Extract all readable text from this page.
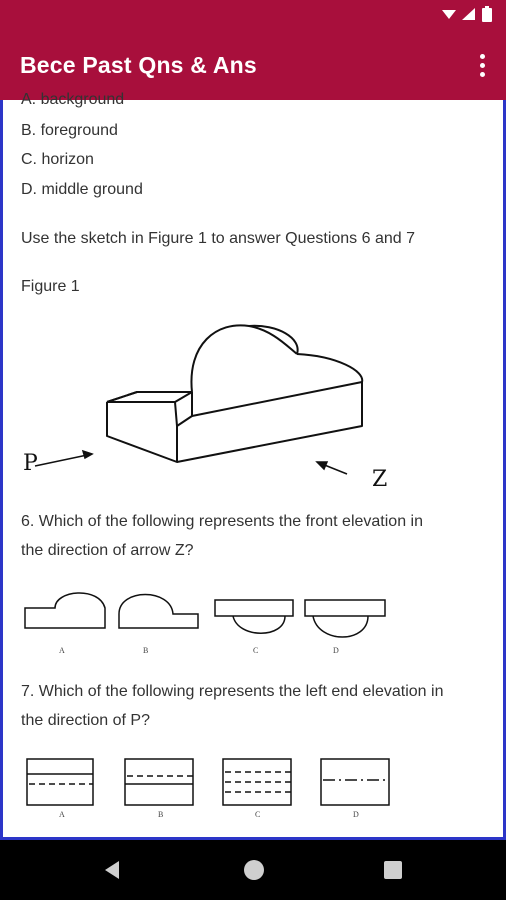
Bece Past Qns & Ans
A. background
B. foreground
C. horizon
D. middle ground
Use the sketch in Figure 1 to answer Questions 6 and 7
Figure 1
P
Z
6. Which of the following represents the front elevation in
the direction of arrow Z?
A	B	C	D
7. Which of the following represents the left end elevation in
the direction of P?
A	B	C	D
